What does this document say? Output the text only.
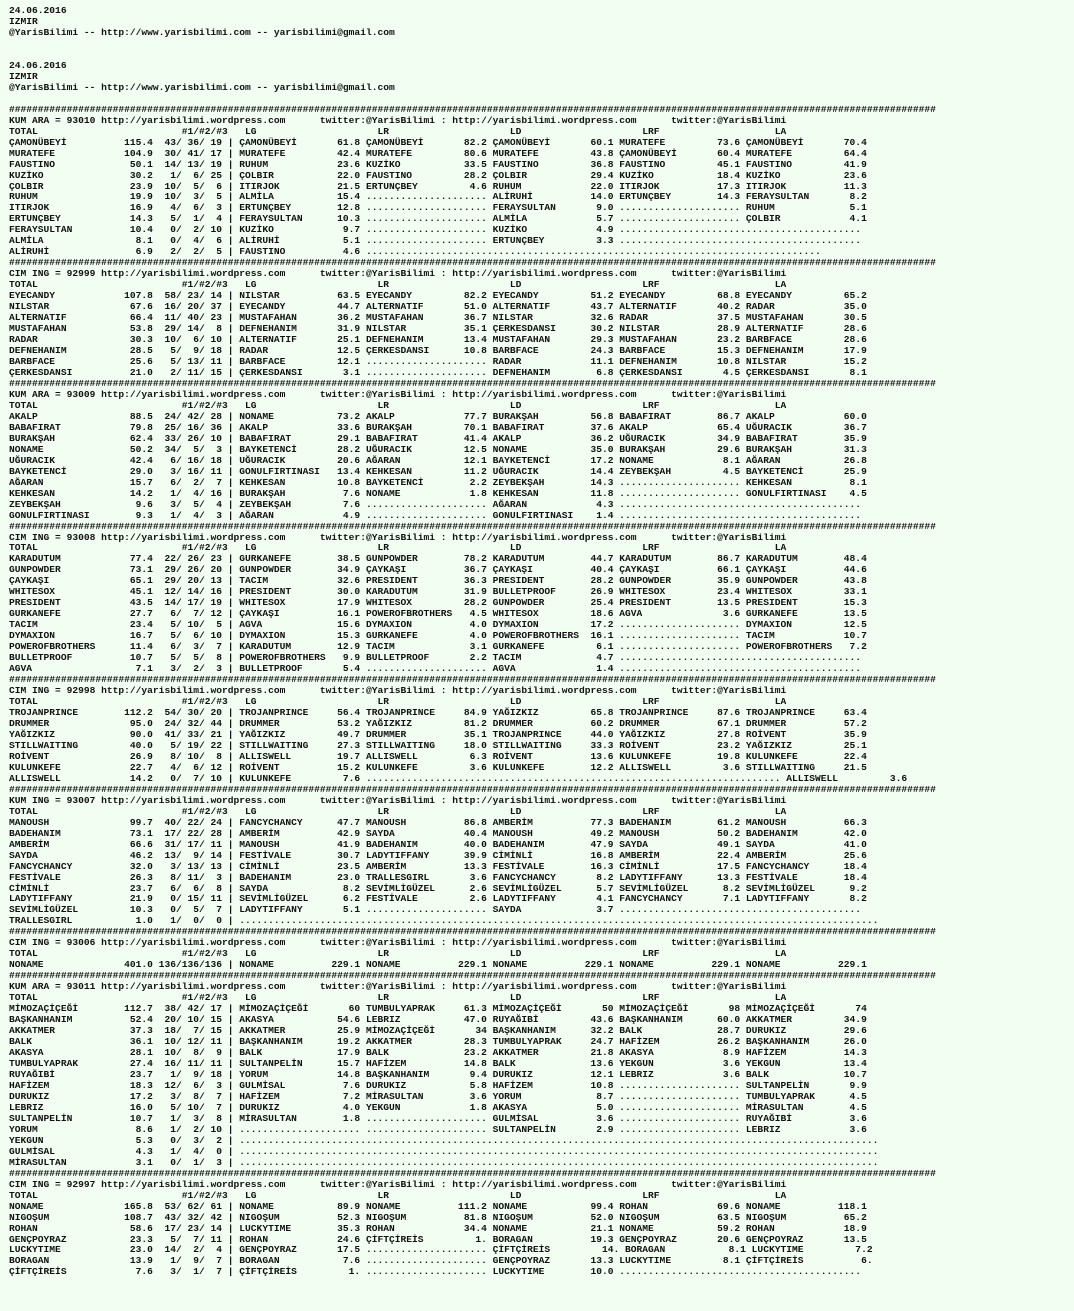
24.06.2016
IZMIR
@YarisBilimi -- http://www.yarisbilimi.com -- yarisbilimi@gmail.com
24.06.2016
IZMIR
@YarisBilimi -- http://www.yarisbilimi.com -- yarisbilimi@gmail.com
#################################################################################################################################################################
KUM ARA = 93010 http://yarisbilimi.wordpress.com      twitter:@YarisBilimi : http://yarisbilimi.wordpress.com      twitter:@YarisBilimi
TOTAL                         #1/#2/#3   LG                     LR                     LD                     LRF                    LA
ÇAMONÜBEYİ          115.4  43/ 36/ 19 | ÇAMONÜBEYİ       61.8 ÇAMONÜBEYİ       82.2 ÇAMONÜBEYİ       60.1 MURATEFE         73.6 ÇAMONÜBEYİ       70.4
MURATEFE            104.9  30/ 41/ 17 | MURATEFE         42.4 MURATEFE         80.6 MURATEFE         43.8 ÇAMONÜBEYİ       60.4 MURATEFE         64.4
FAUSTINO             50.1  14/ 13/ 19 | RUHUM            23.6 KUZİKO           33.5 FAUSTINO         36.8 FAUSTINO         45.1 FAUSTINO         41.9
KUZİKO               30.2   1/  6/ 25 | ÇOLBIR           22.0 FAUSTINO         28.2 ÇOLBIR           29.4 KUZİKO           18.4 KUZİKO           23.6
ÇOLBIR               23.9  10/  5/  6 | ITIRJOK          21.5 ERTUNÇBEY         4.6 RUHUM            22.0 ITIRJOK          17.3 ITIRJOK          11.3
RUHUM                19.9  10/  3/  5 | ALMİLA           15.4 ..................... ALİRUHİ          14.0 ERTUNÇBEY        14.3 FERAYSULTAN       8.2
ITIRJOK              16.9   4/  6/  3 | ERTUNÇBEY        12.8 ..................... FERAYSULTAN       9.0 ..................... RUHUM             5.1
ERTUNÇBEY            14.3   5/  1/  4 | FERAYSULTAN      10.3 ..................... ALMİLA            5.7 ..................... ÇOLBIR            4.1
FERAYSULTAN          10.4   0/  2/ 10 | KUZİKO            9.7 ..................... KUZİKO            4.9 ..........................................
ALMİLA                8.1   0/  4/  6 | ALİRUHİ           5.1 ..................... ERTUNÇBEY         3.3 ..........................................
ALİRUHİ               6.9   2/  2/  5 | FAUSTINO          4.6 ...............................................................................
#################################################################################################################################################################
CIM ING = 92999 http://yarisbilimi.wordpress.com      twitter:@YarisBilimi : http://yarisbilimi.wordpress.com      twitter:@YarisBilimi
TOTAL                         #1/#2/#3   LG                     LR                     LD                     LRF                    LA
EYECANDY            107.8  58/ 23/ 14 | NILSTAR          63.5 EYECANDY         82.2 EYECANDY         51.2 EYECANDY         68.8 EYECANDY         65.2
NILSTAR              67.6  16/ 20/ 37 | EYECANDY         44.7 ALTERNATIF       51.0 ALTERNATIF       43.7 ALTERNATIF       40.2 RADAR            35.0
ALTERNATIF           66.4  11/ 40/ 23 | MUSTAFAHAN       36.2 MUSTAFAHAN       36.7 NILSTAR          32.6 RADAR            37.5 MUSTAFAHAN       30.5
MUSTAFAHAN           53.8  29/ 14/  8 | DEFNEHANIM       31.9 NILSTAR          35.1 ÇERKESDANSI      30.2 NILSTAR          28.9 ALTERNATIF       28.6
RADAR                30.3  10/  6/ 10 | ALTERNATIF       25.1 DEFNEHANIM       13.4 MUSTAFAHAN       29.3 MUSTAFAHAN       23.2 BARBFACE         28.6
DEFNEHANIM           28.5   5/  9/ 18 | RADAR            12.5 ÇERKESDANSI      10.8 BARBFACE         24.3 BARBFACE         15.3 DEFNEHANIM       17.9
BARBFACE             25.6   5/ 13/ 11 | BARBFACE         12.1 ..................... RADAR            11.1 DEFNEHANIM       10.8 NILSTAR          15.2
ÇERKESDANSI          21.0   2/ 11/ 15 | ÇERKESDANSI       3.1 ..................... DEFNEHANIM        6.8 ÇERKESDANSI       4.5 ÇERKESDANSI       8.1
#################################################################################################################################################################
KUM ARA = 93009 http://yarisbilimi.wordpress.com      twitter:@YarisBilimi : http://yarisbilimi.wordpress.com      twitter:@YarisBilimi
TOTAL                         #1/#2/#3   LG                     LR                     LD                     LRF                    LA
AKALP                88.5  24/ 42/ 28 | NONAME           73.2 AKALP            77.7 BURAKŞAH         56.8 BABAFIRAT        86.7 AKALP            60.0
BABAFIRAT            79.8  25/ 16/ 36 | AKALP            33.6 BURAKŞAH         70.1 BABAFIRAT        37.6 AKALP            65.4 UĞURACIK         36.7
BURAKŞAH             62.4  33/ 26/ 10 | BABAFIRAT        29.1 BABAFIRAT        41.4 AKALP            36.2 UĞURACIK         34.9 BABAFIRAT        35.9
NONAME               50.2  34/  5/  3 | BAYKETENCİ       28.2 UĞURACIK         12.5 NONAME           35.0 BURAKŞAH         29.6 BURAKŞAH         31.3
UĞURACIK             42.4   6/ 16/ 18 | UĞURACIK         20.6 AĞARAN           12.1 BAYKETENCİ       17.2 NONAME            8.1 AĞARAN           26.8
BAYKETENCİ           29.0   3/ 16/ 11 | GONULFIRTINASI   13.4 KEHKESAN         11.2 UĞURACIK         14.4 ZEYBEKŞAH         4.5 BAYKETENCİ       25.9
AĞARAN               15.7   6/  2/  7 | KEHKESAN         10.8 BAYKETENCİ        2.2 ZEYBEKŞAH        14.3 ..................... KEHKESAN          8.1
KEHKESAN             14.2   1/  4/ 16 | BURAKŞAH          7.6 NONAME            1.8 KEHKESAN         11.8 ..................... GONULFIRTINASI    4.5
ZEYBEKŞAH             9.6   3/  5/  4 | ZEYBEKŞAH         7.6 ..................... AĞARAN            4.3 ..........................................
GONULFIRTINASI        9.3   1/  4/  3 | AĞARAN            4.9 ..................... GONULFIRTINASI    1.4 ..........................................
#################################################################################################################################################################
CIM ING = 93008 http://yarisbilimi.wordpress.com      twitter:@YarisBilimi : http://yarisbilimi.wordpress.com      twitter:@YarisBilimi
TOTAL                         #1/#2/#3   LG                     LR                     LD                     LRF                    LA
KARADUTUM            77.4  22/ 26/ 23 | GURKANEFE        38.5 GUNPOWDER        78.2 KARADUTUM        44.7 KARADUTUM        86.7 KARADUTUM        48.4
GUNPOWDER            73.1  29/ 26/ 20 | GUNPOWDER        34.9 ÇAYKAŞI          36.7 ÇAYKAŞI          40.4 ÇAYKAŞI          66.1 ÇAYKAŞI          44.6
ÇAYKAŞI              65.1  29/ 20/ 13 | TACIM            32.6 PRESIDENT        36.3 PRESIDENT        28.2 GUNPOWDER        35.9 GUNPOWDER        43.8
WHITESOX             45.1  12/ 14/ 16 | PRESIDENT        30.0 KARADUTUM        31.9 BULLETPROOF      26.9 WHITESOX         23.4 WHITESOX         33.1
PRESIDENT            43.5  14/ 17/ 19 | WHITESOX         17.9 WHITESOX         28.2 GUNPOWDER        25.4 PRESIDENT        13.5 PRESIDENT        15.3
GURKANEFE            27.7   6/  7/ 12 | ÇAYKAŞI          16.1 POWEROFBROTHERS   4.5 WHITESOX         18.6 AGVA              3.6 GURKANEFE        13.5
TACIM                23.4   5/ 10/  5 | AGVA             15.6 DYMAXION          4.0 DYMAXION         17.2 ..................... DYMAXION         12.5
DYMAXION             16.7   5/  6/ 10 | DYMAXION         15.3 GURKANEFE         4.0 POWEROFBROTHERS  16.1 ..................... TACIM            10.7
POWEROFBROTHERS      11.4   6/  3/  7 | KARADUTUM        12.9 TACIM             3.1 GURKANEFE         6.1 ..................... POWEROFBROTHERS   7.2
BULLETPROOF          10.7   5/  5/  8 | POWEROFBROTHERS   9.9 BULLETPROOF       2.2 TACIM             4.7 ..........................................
AGVA                  7.1   3/  2/  3 | BULLETPROOF       5.4 ..................... AGVA              1.4 ..........................................
#################################################################################################################################################################
CIM ING = 92998 http://yarisbilimi.wordpress.com      twitter:@YarisBilimi : http://yarisbilimi.wordpress.com      twitter:@YarisBilimi
TOTAL                         #1/#2/#3   LG                     LR                     LD                     LRF                    LA
TROJANPRINCE        112.2  54/ 30/ 20 | TROJANPRINCE     56.4 TROJANPRINCE     84.9 YAĞIZKIZ         65.8 TROJANPRINCE     87.6 TROJANPRINCE     63.4
DRUMMER              95.0  24/ 32/ 44 | DRUMMER          53.2 YAĞIZKIZ         81.2 DRUMMER          60.2 DRUMMER          67.1 DRUMMER          57.2
YAĞIZKIZ             90.0  41/ 33/ 21 | YAĞIZKIZ         49.7 DRUMMER          35.1 TROJANPRINCE     44.0 YAĞIZKIZ         27.8 ROİVENT          35.9
STILLWAITING         40.0   5/ 19/ 22 | STILLWAITING     27.3 STILLWAITING     18.0 STILLWAITING     33.3 ROİVENT          23.2 YAĞIZKIZ         25.1
ROİVENT              26.9   8/ 10/  8 | ALLISWELL        19.7 ALLISWELL         6.3 ROİVENT          13.6 KULUNKEFE        19.8 KULUNKEFE        22.4
KULUNKEFE            22.7   4/  6/ 12 | ROİVENT          15.2 KULUNKEFE         3.6 KULUNKEFE        12.2 ALLISWELL         3.6 STILLWAITING     21.5
ALLISWELL            14.2   0/  7/ 10 | KULUNKEFE         7.6 ........................................................................ ALLISWELL         3.6
#################################################################################################################################################################
KUM ING = 93007 http://yarisbilimi.wordpress.com      twitter:@YarisBilimi : http://yarisbilimi.wordpress.com      twitter:@YarisBilimi
TOTAL                         #1/#2/#3   LG                     LR                     LD                     LRF                    LA
MANOUSH              99.7  40/ 22/ 24 | FANCYCHANCY      47.7 MANOUSH          86.8 AMBERİM          77.3 BADEHANIM        61.2 MANOUSH          66.3
BADEHANIM            73.1  17/ 22/ 28 | AMBERİM          42.9 SAYDA            40.4 MANOUSH          49.2 MANOUSH          50.2 BADEHANIM        42.0
AMBERİM              66.6  31/ 17/ 11 | MANOUSH          41.9 BADEHANIM        40.0 BADEHANIM        47.9 SAYDA            49.1 SAYDA            41.0
SAYDA                46.2  13/  9/ 14 | FESTİVALE        30.7 LADYTIFFANY      39.9 CİMİNLİ          16.8 AMBERİM          22.4 AMBERİM          25.6
FANCYCHANCY          32.0   3/ 13/ 13 | CİMİNLİ          23.5 AMBERİM          13.3 FESTİVALE        16.3 CİMİNLİ          17.5 FANCYCHANCY      18.4
FESTİVALE            26.3   8/ 11/  3 | BADEHANIM        23.0 TRALLESGIRL       3.6 FANCYCHANCY       8.2 LADYTIFFANY      13.3 FESTİVALE        18.4
CİMİNLİ              23.7   6/  6/  8 | SAYDA             8.2 SEVİMLİGÜZEL      2.6 SEVİMLİGÜZEL      5.7 SEVİMLİGÜZEL      8.2 SEVİMLİGÜZEL      9.2
LADYTIFFANY          21.9   0/ 15/ 11 | SEVİMLİGÜZEL      6.2 FESTİVALE         2.6 LADYTIFFANY       4.1 FANCYCHANCY       7.1 LADYTIFFANY       8.2
SEVİMLİGÜZEL         10.3   0/  5/  7 | LADYTIFFANY       5.1 ..................... SAYDA             3.7 ..........................................
TRALLESGIRL           1.0   1/  0/  0 | ...............................................................................................................
#################################################################################################################################################################
CIM ING = 93006 http://yarisbilimi.wordpress.com      twitter:@YarisBilimi : http://yarisbilimi.wordpress.com      twitter:@YarisBilimi
TOTAL                         #1/#2/#3   LG                     LR                     LD                     LRF                    LA
NONAME              401.0 136/136/136 | NONAME          229.1 NONAME          229.1 NONAME          229.1 NONAME          229.1 NONAME          229.1
#################################################################################################################################################################
KUM ARA = 93011 http://yarisbilimi.wordpress.com      twitter:@YarisBilimi : http://yarisbilimi.wordpress.com      twitter:@YarisBilimi
TOTAL                         #1/#2/#3   LG                     LR                     LD                     LRF                    LA
MİMOZAÇİÇEĞİ        112.7  38/ 42/ 17 | MİMOZAÇİÇEĞİ       60 TUMBULYAPRAK     61.3 MİMOZAÇİÇEĞİ       50 MİMOZAÇİÇEĞİ       98 MİMOZAÇİÇEĞİ       74
BAŞKANHANIM          52.4  20/ 10/ 15 | AKASYA           54.6 LEBRIZ           47.0 RUYAĞIBİ         43.6 BAŞKANHANIM      60.0 AKKATMER         34.9
AKKATMER             37.3  18/  7/ 15 | AKKATMER         25.9 MİMOZAÇİÇEĞİ       34 BAŞKANHANIM      32.2 BALK             28.7 DURUKIZ          29.6
BALK                 36.1  10/ 12/ 11 | BAŞKANHANIM      19.2 AKKATMER         28.3 TUMBULYAPRAK     24.7 HAFİZEM          26.2 BAŞKANHANIM      26.0
AKASYA               28.1  10/  8/  9 | BALK             17.9 BALK             23.2 AKKATMER         21.8 AKASYA            8.9 HAFİZEM          14.3
TUMBULYAPRAK         27.4  16/ 11/ 11 | SULTANPELİN      15.7 HAFİZEM          14.8 BALK             13.6 YEKGUN            3.6 YEKGUN           13.4
RUYAĞIBİ             23.7   1/  9/ 18 | YORUM            14.8 BAŞKANHANIM       9.4 DURUKIZ          12.1 LEBRIZ            3.6 BALK             10.7
HAFİZEM              18.3  12/  6/  3 | GULMİSAL          7.6 DURUKIZ           5.8 HAFİZEM          10.8 ..................... SULTANPELİN       9.9
DURUKIZ              17.2   3/  8/  7 | HAFİZEM           7.2 MİRASULTAN        3.6 YORUM             8.7 ..................... TUMBULYAPRAK      4.5
LEBRIZ               16.0   5/ 10/  7 | DURUKIZ           4.0 YEKGUN            1.8 AKASYA            5.0 ..................... MİRASULTAN        4.5
SULTANPELİN          10.7   1/  3/  8 | MİRASULTAN        1.8 ..................... GULMİSAL          3.6 ..................... RUYAĞIBİ          3.6
YORUM                 8.6   1/  2/ 10 | ..................... ..................... SULTANPELİN       2.9 ..................... LEBRIZ            3.6
YEKGUN                5.3   0/  3/  2 | ...............................................................................................................
GULMİSAL              4.3   1/  4/  0 | ...............................................................................................................
MİRASULTAN            3.1   0/  1/  3 | ...............................................................................................................
#################################################################################################################################################################
CIM ING = 92997 http://yarisbilimi.wordpress.com      twitter:@YarisBilimi : http://yarisbilimi.wordpress.com      twitter:@YarisBilimi
TOTAL                         #1/#2/#3   LG                     LR                     LD                     LRF                    LA
NONAME              165.8  53/ 62/ 61 | NONAME           89.9 NONAME          111.2 NONAME           99.4 ROHAN            69.6 NONAME          118.1
NIGOŞUM             108.7  43/ 32/ 42 | NIGOŞUM          52.3 NIGOŞUM          81.8 NIGOŞUM          52.0 NIGOŞUM          63.5 NIGOŞUM          65.2
ROHAN                58.6  17/ 23/ 14 | LUCKYTIME        35.3 ROHAN            34.4 NONAME           21.1 NONAME           59.2 ROHAN            18.9
GENÇPOYRAZ           23.3   5/  7/ 11 | ROHAN            24.6 ÇİFTÇİREİS         1. BORAGAN          19.3 GENÇPOYRAZ       20.6 GENÇPOYRAZ       13.5
LUCKYTIME            23.0  14/  2/  4 | GENÇPOYRAZ       17.5 ..................... ÇİFTÇİREİS         14. BORAGAN           8.1 LUCKYTIME         7.2
BORAGAN              13.9   1/  9/  7 | BORAGAN           7.6 ..................... GENÇPOYRAZ       13.3 LUCKYTIME         8.1 ÇİFTÇİREİS          6.
ÇİFTÇİREİS            7.6   3/  1/  7 | ÇİFTÇİREİS         1. ..................... LUCKYTIME        10.0 ..........................................
